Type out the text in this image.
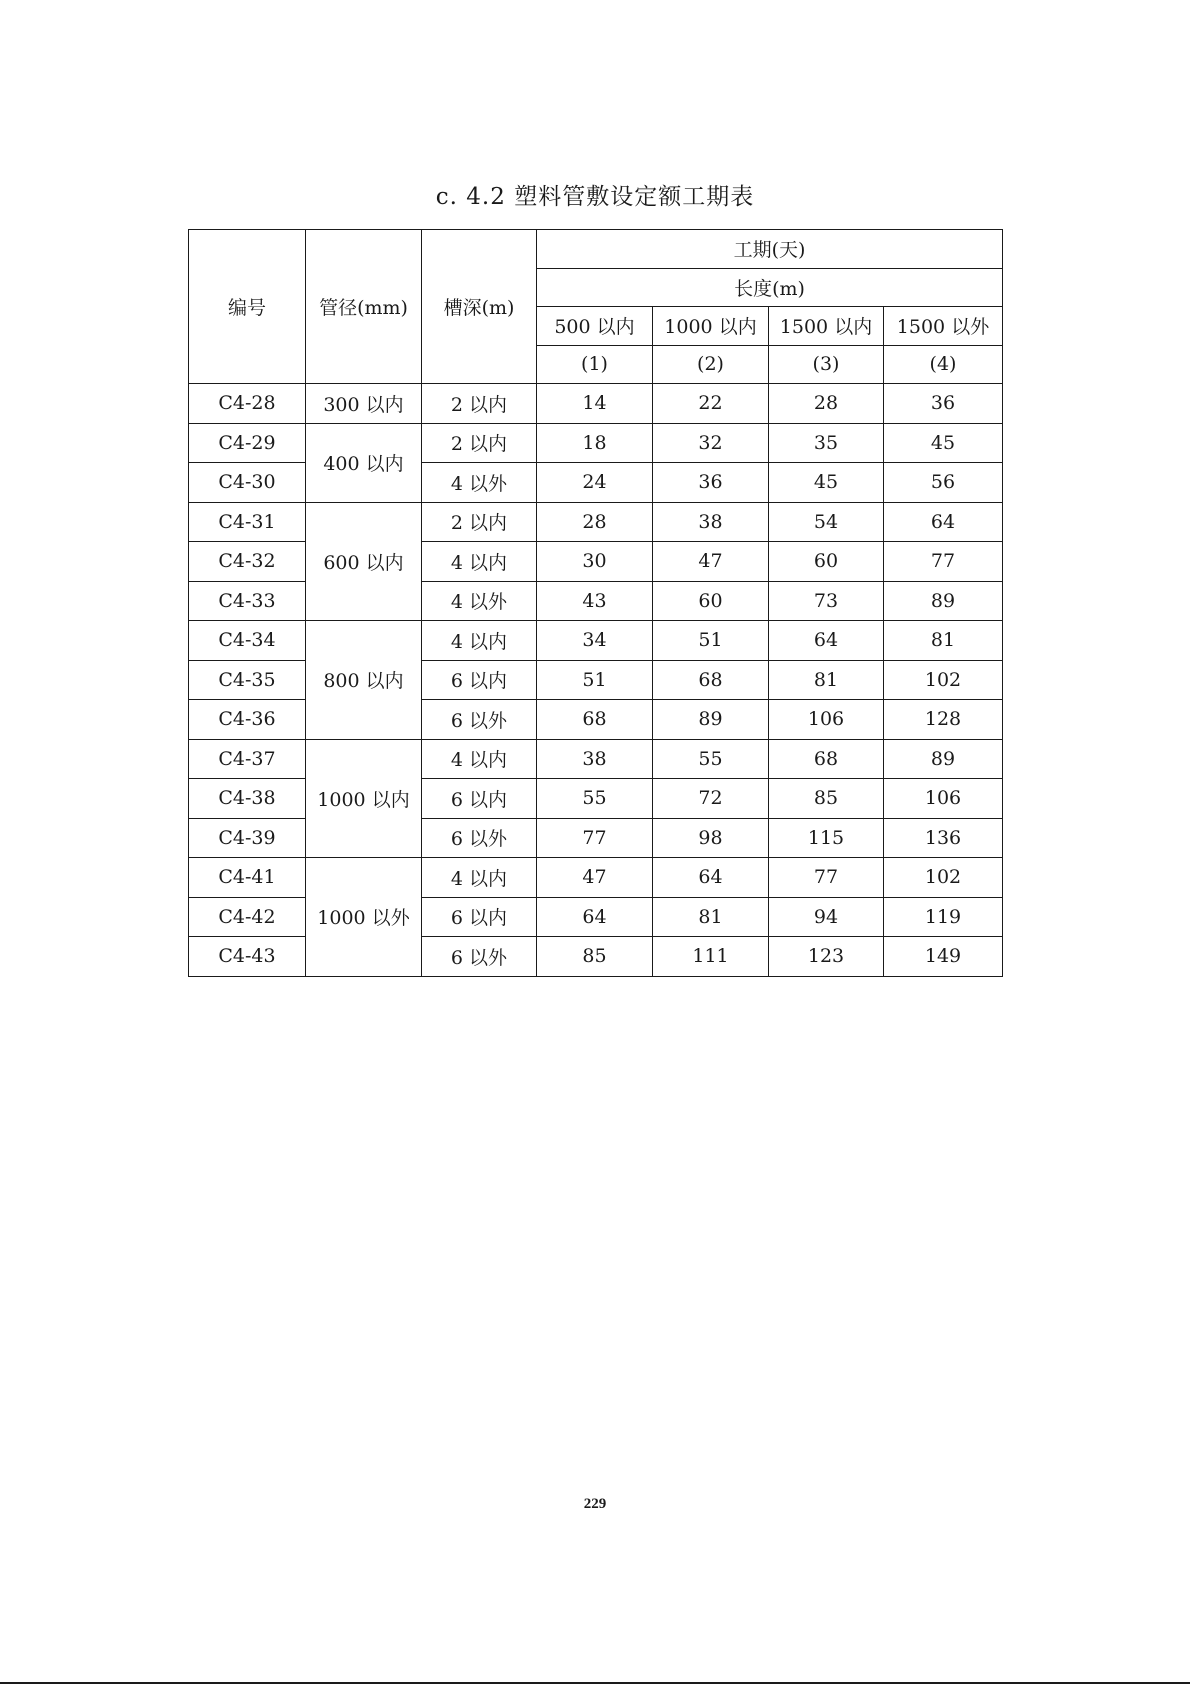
c. 4.2 塑料管敷设定额工期表
编号	管径(mm)	槽深(m)	工期(天)			
			长度(m)			
			500 以内	1000 以内	1500 以内	1500 以外
			(1)	(2)	(3)	(4)
C4-28	300 以内	2 以内	14	22	28	36
C4-29	400 以内	2 以内	18	32	35	45
C4-30		4 以外	24	36	45	56
C4-31	600 以内	2 以内	28	38	54	64
C4-32		4 以内	30	47	60	77
C4-33		4 以外	43	60	73	89
C4-34	800 以内	4 以内	34	51	64	81
C4-35		6 以内	51	68	81	102
C4-36		6 以外	68	89	106	128
C4-37	1000 以内	4 以内	38	55	68	89
C4-38		6 以内	55	72	85	106
C4-39		6 以外	77	98	115	136
C4-41	1000 以外	4 以内	47	64	77	102
C4-42		6 以内	64	81	94	119
C4-43		6 以外	85	111	123	149
229
